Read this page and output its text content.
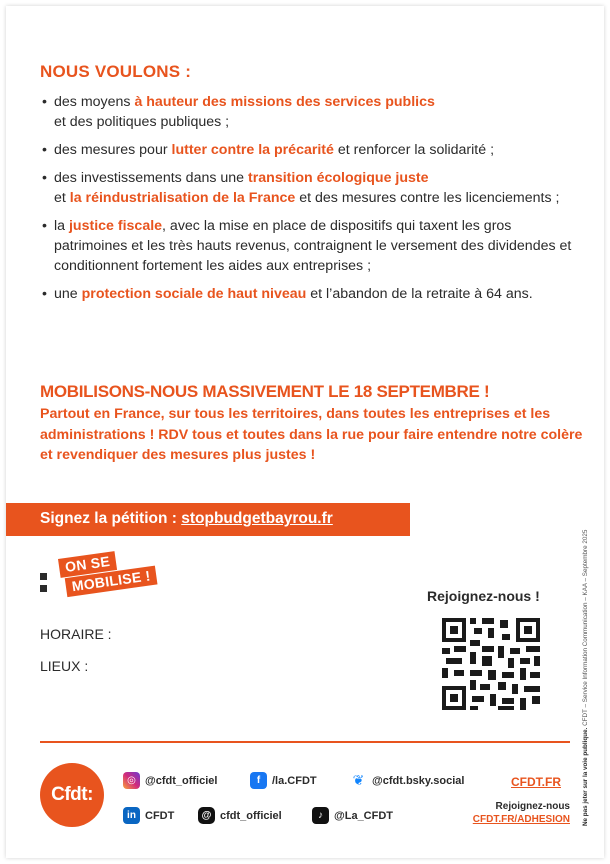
NOUS VOULONS :
• des moyens à hauteur des missions des services publics
et des politiques publiques ;
• des mesures pour lutter contre la précarité et renforcer la solidarité ;
• des investissements dans une transition écologique juste
et la réindustrialisation de la France et des mesures contre les licenciements ;
• la justice fiscale, avec la mise en place de dispositifs qui taxent les gros patrimoines et les très hauts revenus, contraignent le versement des dividendes et conditionnent fortement les aides aux entreprises ;
• une protection sociale de haut niveau et l’abandon de la retraite à 64 ans.
MOBILISONS-NOUS MASSIVEMENT LE 18 SEPTEMBRE !
Partout en France, sur tous les territoires, dans toutes les entreprises et les administrations ! RDV tous et toutes dans la rue pour faire entendre notre colère et revendiquer des mesures plus justes !
Signez la pétition : stopbudgetbayrou.fr
ON SE
MOBILISE !
Rejoignez-nous !
HORAIRE :
LIEUX :
Cfdt:
◎ @cfdt_officiel	f	/la.CFDT	❦ @cfdt.bsky.social
in CFDT	@ cfdt_officiel	♪	@La_CFDT
CFDT.FR
Rejoignez-nous
CFDT.FR/ADHESION Ne pas jeter sur la voie publique. CFDT – Service Information Communication – KAA – Septembre 2025
